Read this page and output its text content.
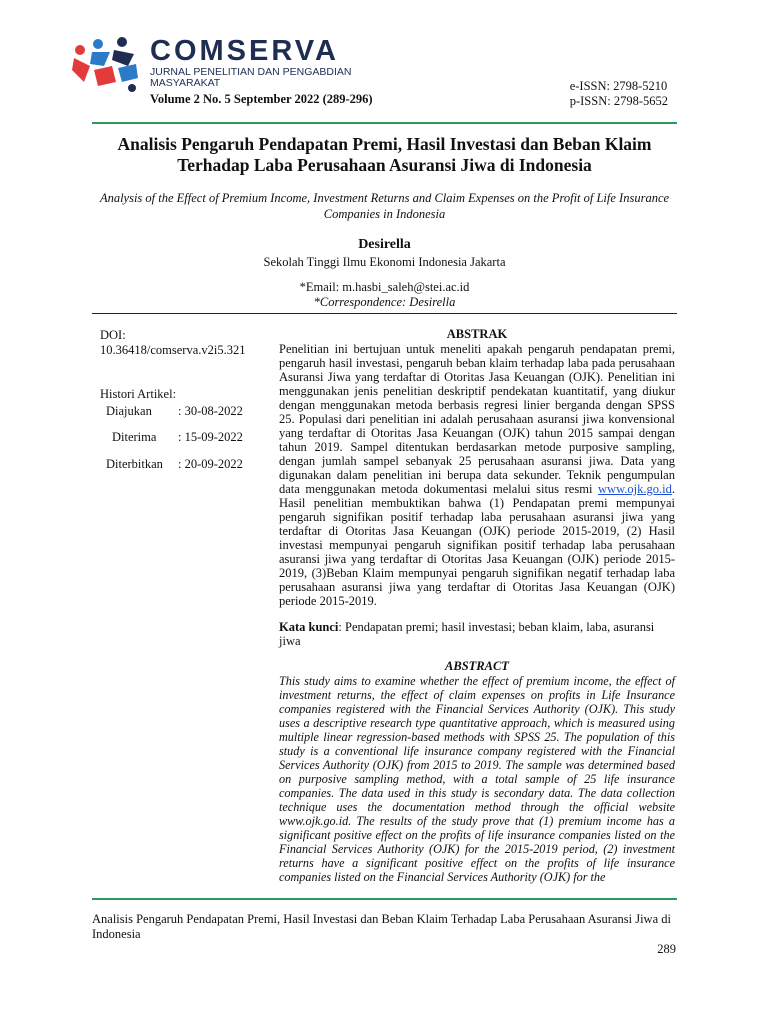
COMSERVA
JURNAL PENELITIAN DAN PENGABDIAN MASYARAKAT
Volume 2 No. 5 September 2022 (289-296)
e-ISSN: 2798-5210
p-ISSN: 2798-5652
Analisis Pengaruh Pendapatan Premi, Hasil Investasi dan Beban Klaim Terhadap Laba Perusahaan Asuransi Jiwa di Indonesia
Analysis of the Effect of Premium Income, Investment Returns and Claim Expenses on the Profit of Life Insurance Companies in Indonesia
Desirella
Sekolah Tinggi Ilmu Ekonomi Indonesia Jakarta
*Email: m.hasbi_saleh@stei.ac.id
*Correspondence: Desirella
DOI:
10.36418/comserva.v2i5.321
Histori Artikel:
Diajukan	: 30-08-2022
Diterima	: 15-09-2022
Diterbitkan	: 20-09-2022
ABSTRAK

Penelitian ini bertujuan untuk meneliti apakah pengaruh pendapatan premi, pengaruh hasil investasi, pengaruh beban klaim terhadap laba pada perusahaan Asuransi Jiwa yang terdaftar di Otoritas Jasa Keuangan (OJK). Penelitian ini menggunakan jenis penelitian deskriptif pendekatan kuantitatif, yang diukur dengan menggunakan metoda berbasis regresi linier berganda dengan SPSS 25. Populasi dari penelitian ini adalah perusahaan asuransi jiwa konvensional yang terdaftar di Otoritas Jasa Keuangan (OJK) tahun 2015 sampai dengan tahun 2019. Sampel ditentukan berdasarkan metode purposive sampling, dengan jumlah sampel sebanyak 25 perusahaan asuransi jiwa. Data yang digunakan dalam penelitian ini berupa data sekunder. Teknik pengumpulan data menggunakan metoda dokumentasi melalui situs resmi www.ojk.go.id. Hasil penelitian membuktikan bahwa (1) Pendapatan premi mempunyai pengaruh signifikan positif terhadap laba perusahaan asuransi jiwa yang terdaftar di Otoritas Jasa Keuangan (OJK) periode 2015-2019, (2) Hasil investasi mempunyai pengaruh signifikan positif terhadap laba perusahaan asuransi jiwa yang terdaftar di Otoritas Jasa Keuangan (OJK) periode 2015-2019, (3)Beban Klaim mempunyai pengaruh signifikan negatif terhadap laba perusahaan asuransi jiwa yang terdaftar di Otoritas Jasa Keuangan (OJK) periode 2015-2019.

Kata kunci: Pendapatan premi; hasil investasi; beban klaim, laba, asuransi jiwa

ABSTRACT

This study aims to examine whether the effect of premium income, the effect of investment returns, the effect of claim expenses on profits in Life Insurance companies registered with the Financial Services Authority (OJK). This study uses a descriptive research type quantitative approach, which is measured using multiple linear regression-based methods with SPSS 25. The population of this study is a conventional life insurance company registered with the Financial Services Authority (OJK) from 2015 to 2019. The sample was determined based on purposive sampling method, with a total sample of 25 life insurance companies. The data used in this study is secondary data. The data collection technique uses the documentation method through the official website www.ojk.go.id. The results of the study prove that (1) premium income has a significant positive effect on the profits of life insurance companies listed on the Financial Services Authority (OJK) for the 2015-2019 period, (2) investment returns have a significant positive effect on the profits of life insurance companies listed on the Financial Services Authority (OJK) for the

Analisis Pengaruh Pendapatan Premi, Hasil Investasi dan Beban Klaim Terhadap Laba Perusahaan Asuransi Jiwa di Indonesia
289
